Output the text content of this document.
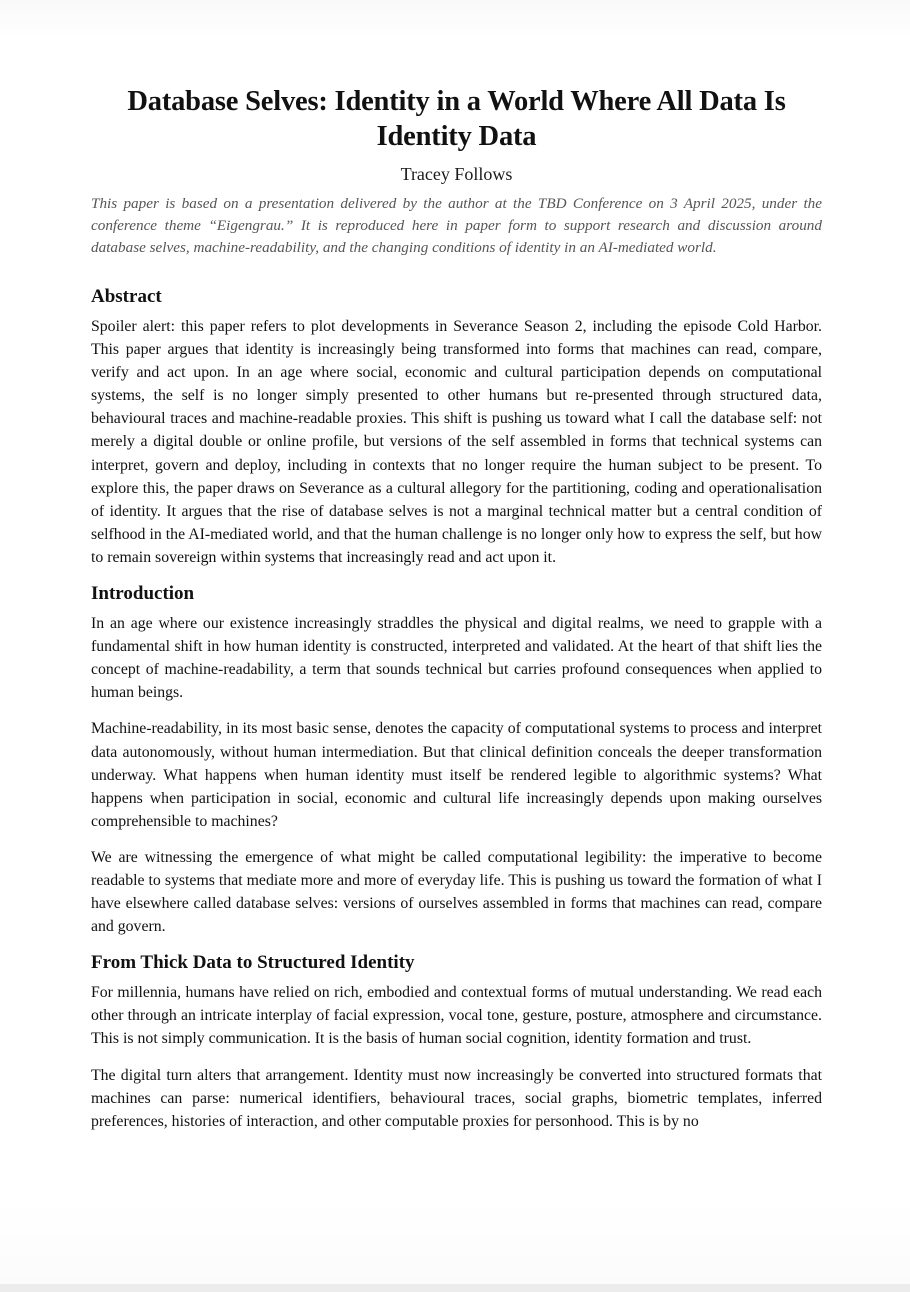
Database Selves: Identity in a World Where All Data Is Identity Data
Tracey Follows

This paper is based on a presentation delivered by the author at the TBD Conference on 3 April 2025, under the conference theme “Eigengrau.” It is reproduced here in paper form to support research and discussion around database selves, machine-readability, and the changing conditions of identity in an AI-mediated world.

Abstract

Spoiler alert: this paper refers to plot developments in Severance Season 2, including the episode Cold Harbor. This paper argues that identity is increasingly being transformed into forms that machines can read, compare, verify and act upon. In an age where social, economic and cultural participation depends on computational systems, the self is no longer simply presented to other humans but re-presented through structured data, behavioural traces and machine-readable proxies. This shift is pushing us toward what I call the database self: not merely a digital double or online profile, but versions of the self assembled in forms that technical systems can interpret, govern and deploy, including in contexts that no longer require the human subject to be present. To explore this, the paper draws on Severance as a cultural allegory for the partitioning, coding and operationalisation of identity. It argues that the rise of database selves is not a marginal technical matter but a central condition of selfhood in the AI-mediated world, and that the human challenge is no longer only how to express the self, but how to remain sovereign within systems that increasingly read and act upon it.

Introduction

In an age where our existence increasingly straddles the physical and digital realms, we need to grapple with a fundamental shift in how human identity is constructed, interpreted and validated. At the heart of that shift lies the concept of machine-readability, a term that sounds technical but carries profound consequences when applied to human beings.

Machine-readability, in its most basic sense, denotes the capacity of computational systems to process and interpret data autonomously, without human intermediation. But that clinical definition conceals the deeper transformation underway. What happens when human identity must itself be rendered legible to algorithmic systems? What happens when participation in social, economic and cultural life increasingly depends upon making ourselves comprehensible to machines?

We are witnessing the emergence of what might be called computational legibility: the imperative to become readable to systems that mediate more and more of everyday life. This is pushing us toward the formation of what I have elsewhere called database selves: versions of ourselves assembled in forms that machines can read, compare and govern.

From Thick Data to Structured Identity

For millennia, humans have relied on rich, embodied and contextual forms of mutual understanding. We read each other through an intricate interplay of facial expression, vocal tone, gesture, posture, atmosphere and circumstance. This is not simply communication. It is the basis of human social cognition, identity formation and trust.

The digital turn alters that arrangement. Identity must now increasingly be converted into structured formats that machines can parse: numerical identifiers, behavioural traces, social graphs, biometric templates, inferred preferences, histories of interaction, and other computable proxies for personhood. This is by no
